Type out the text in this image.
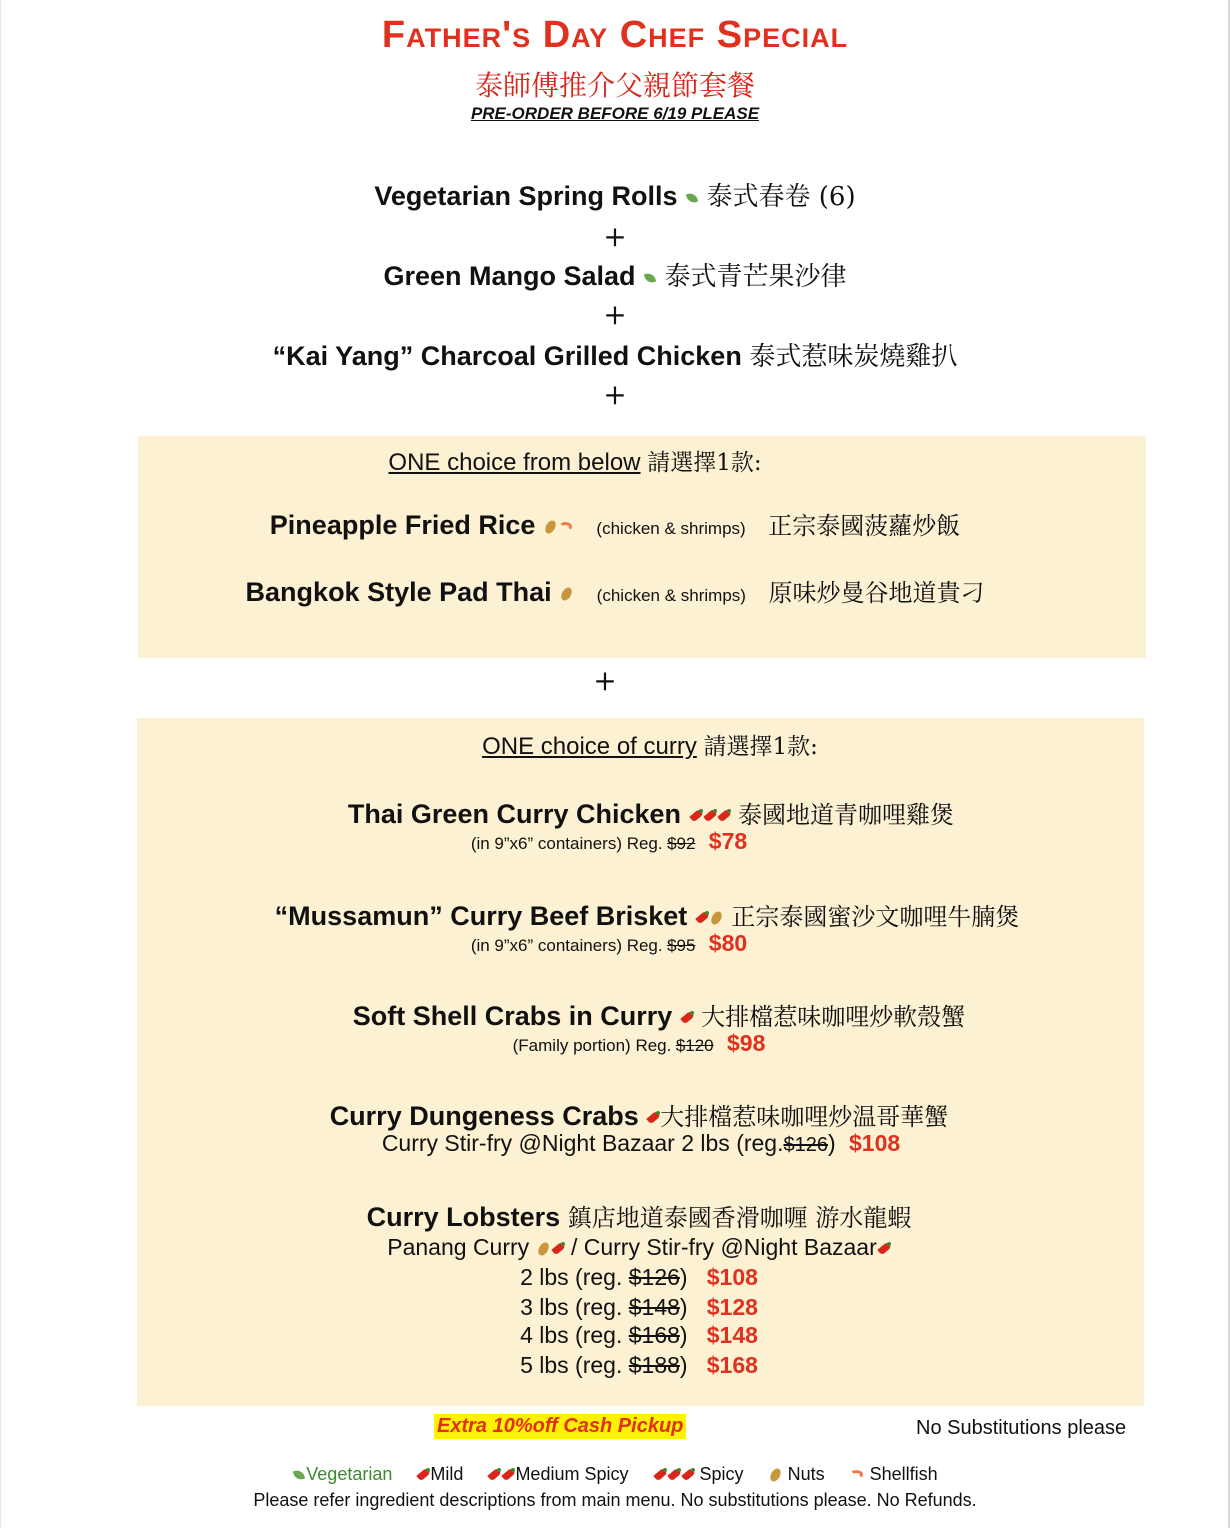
Father's Day Chef Special
泰師傅推介父親節套餐
PRE-ORDER BEFORE 6/19 PLEASE
Vegetarian Spring Rolls 泰式春卷 (6)
+
Green Mango Salad 泰式青芒果沙律
+
“Kai Yang” Charcoal Grilled Chicken 泰式惹味炭燒雞扒
+
ONE choice from below 請選擇1款:
Pineapple Fried Rice	(chicken & shrimps) 正宗泰國菠蘿炒飯
Bangkok Style Pad Thai	(chicken & shrimps) 原味炒曼谷地道貴刁
+
ONE choice of curry 請選擇1款:
Thai Green Curry Chicken 泰國地道青咖哩雞煲
(in 9”x6” containers) Reg. $92 $78
“Mussamun” Curry Beef Brisket 正宗泰國蜜沙文咖哩牛腩煲
(in 9”x6” containers) Reg. $95 $80
Soft Shell Crabs in Curry 大排檔惹味咖哩炒軟殼蟹
(Family portion) Reg. $120 $98
Curry Dungeness Crabs 大排檔惹味咖哩炒温哥華蟹
Curry Stir-fry @Night Bazaar 2 lbs (reg.$126) $108
Curry Lobsters 鎮店地道泰國香滑咖喱 游水龍蝦
Panang Curry / Curry Stir-fry @Night Bazaar
2 lbs (reg. $126) $108
3 lbs (reg. $148) $128
4 lbs (reg. $168) $148
5 lbs (reg. $188) $168
Extra 10%off Cash Pickup	No Substitutions please
Vegetarian Mild	Medium Spicy	Spicy Nuts	Shellfish
Please refer ingredient descriptions from main menu. No substitutions please. No Refunds.
